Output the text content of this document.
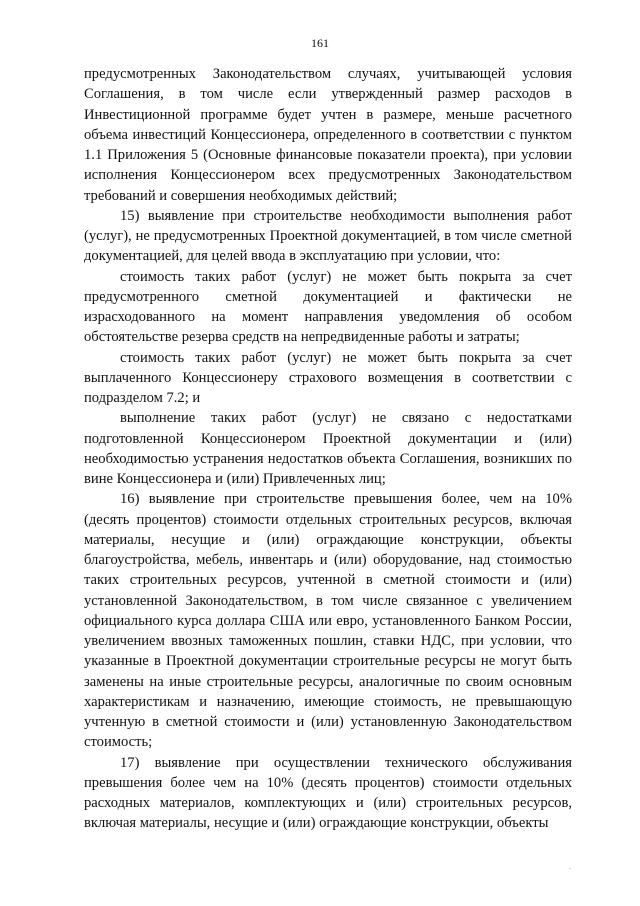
161

предусмотренных Законодательством случаях, учитывающей условия Соглашения, в том числе если утвержденный размер расходов в Инвестиционной программе будет учтен в размере, меньше расчетного объема инвестиций Концессионера, определенного в соответствии с пунктом 1.1 Приложения 5 (Основные финансовые показатели проекта), при условии исполнения Концессионером всех предусмотренных Законодательством требований и совершения необходимых действий;

15) выявление при строительстве необходимости выполнения работ (услуг), не предусмотренных Проектной документацией, в том числе сметной документацией, для целей ввода в эксплуатацию при условии, что:

стоимость таких работ (услуг) не может быть покрыта за счет предусмотренного сметной документацией и фактически не израсходованного на момент направления уведомления об особом обстоятельстве резерва средств на непредвиденные работы и затраты;

стоимость таких работ (услуг) не может быть покрыта за счет выплаченного Концессионеру страхового возмещения в соответствии с подразделом 7.2; и

выполнение таких работ (услуг) не связано с недостатками подготовленной Концессионером Проектной документации и (или) необходимостью устранения недостатков объекта Соглашения, возникших по вине Концессионера и (или) Привлеченных лиц;

16) выявление при строительстве превышения более, чем на 10% (десять процентов) стоимости отдельных строительных ресурсов, включая материалы, несущие и (или) ограждающие конструкции, объекты благоустройства, мебель, инвентарь и (или) оборудование, над стоимостью таких строительных ресурсов, учтенной в сметной стоимости и (или) установленной Законодательством, в том числе связанное с увеличением официального курса доллара США или евро, установленного Банком России, увеличением ввозных таможенных пошлин, ставки НДС, при условии, что указанные в Проектной документации строительные ресурсы не могут быть заменены на иные строительные ресурсы, аналогичные по своим основным характеристикам и назначению, имеющие стоимость, не превышающую учтенную в сметной стоимости и (или) установленную Законодательством стоимость;

17) выявление при осуществлении технического обслуживания превышения более чем на 10% (десять процентов) стоимости отдельных расходных материалов, комплектующих и (или) строительных ресурсов, включая материалы, несущие и (или) ограждающие конструкции, объекты

·
